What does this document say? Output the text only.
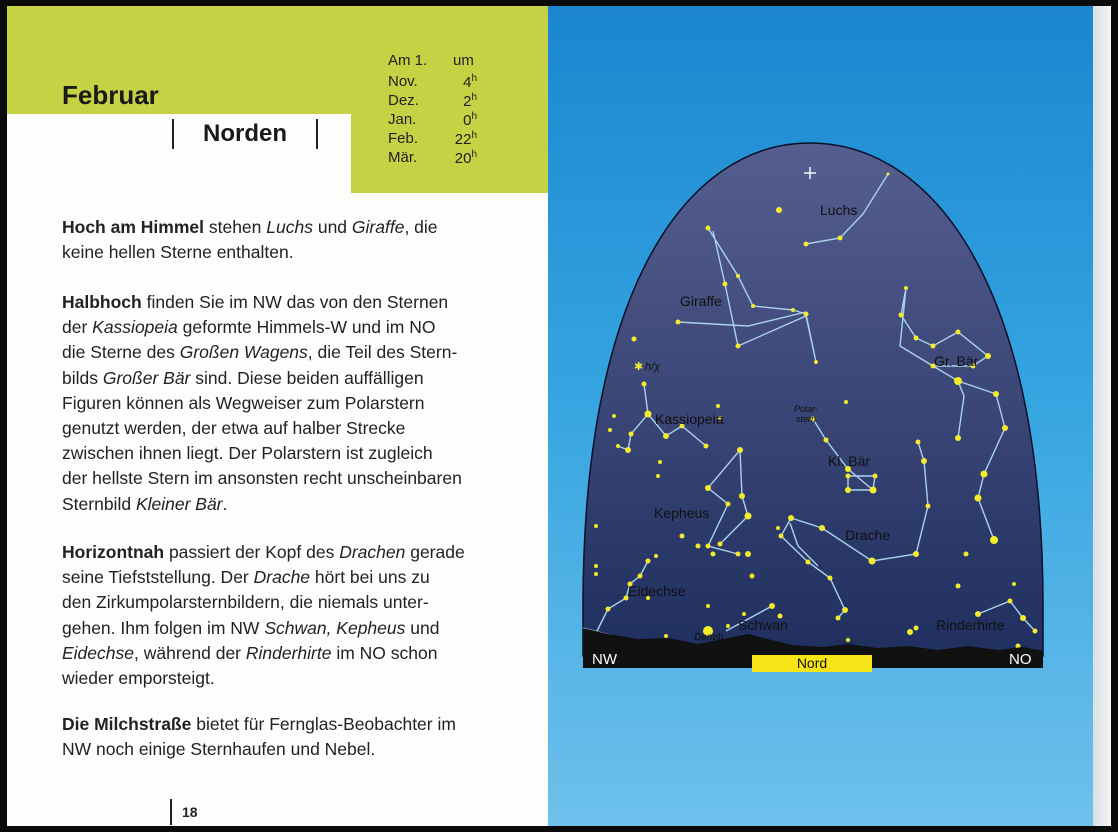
Februar
Norden
Am 1. um
Nov.	4$^h$
Dez.	2$^h$
Jan.	0$^h$
Feb. 22$^h$
Mär.	20$^h$
Hoch am Himmel stehen Luchs und Giraffe, die
keine hellen Sterne enthalten.
Halbhoch finden Sie im NW das von den Sternen
der Kassiopeia geformte Himmels-W und im NO
die Sterne des Großen Wagens, die Teil des Stern-
bilds Großer Bär sind. Diese beiden auffälligen
Figuren können als Wegweiser zum Polarstern
genutzt werden, der etwa auf halber Strecke
zwischen ihnen liegt. Der Polarstern ist zugleich
der hellste Stern im ansonsten recht unscheinbaren
Sternbild Kleiner Bär.
Horizontnah passiert der Kopf des Drachen gerade
seine Tiefststellung. Der Drache hört bei uns zu
den Zirkumpolarsternbildern, die niemals unter-
gehen. Ihm folgen im NW Schwan, Kepheus und
Eidechse, während der Rinderhirte im NO schon
wieder emporsteigt.
Die Milchstraße bietet für Fernglas-Beobachter im
NW noch einige Sternhaufen und Nebel.
18
NW	NO
Nord
Luchs
Giraffe
Gr. Bär
Kassiopeia
Kl. Bär
Kepheus
Drache
Eidechse
Schwan	Rinderhirte
Deneb
h/χ
Polar-stern
✱
